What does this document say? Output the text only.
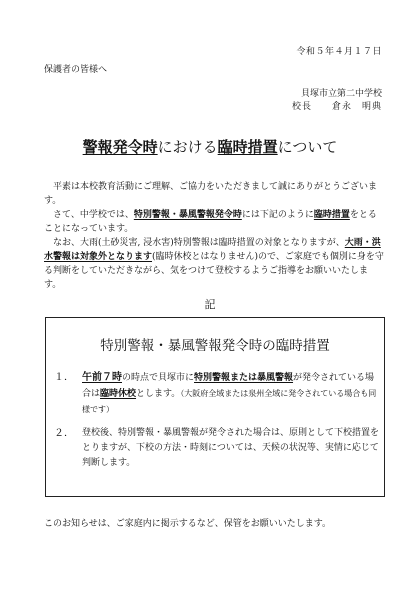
令和５年４月１７日
保護者の皆様へ
貝塚市立第二中学校
校長　　倉永　明典
警報発令時における臨時措置について
平素は本校教育活動にご理解、ご協力をいただきまして誠にありがとうございます。
さて、中学校では、特別警報・暴風警報発令時には下記のように臨時措置をとることになっています。
なお、大雨(土砂災害, 浸水害)特別警報は臨時措置の対象となりますが、大雨・洪水警報は対象外となります(臨時休校とはなりません)ので、ご家庭でも個別に身を守る判断をしていただきながら、気をつけて登校するようご指導をお願いいたします。
記
特別警報・暴風警報発令時の臨時措置
１． 午前７時の時点で貝塚市に特別警報または暴風警報が発令されている場合は臨時休校とします。（大阪府全域または泉州全域に発令されている場合も同様です）
２． 登校後、特別警報・暴風警報が発令された場合は、原則として下校措置をとりますが、下校の方法・時刻については、天候の状況等、実情に応じて判断します。
このお知らせは、ご家庭内に掲示するなど、保管をお願いいたします。
